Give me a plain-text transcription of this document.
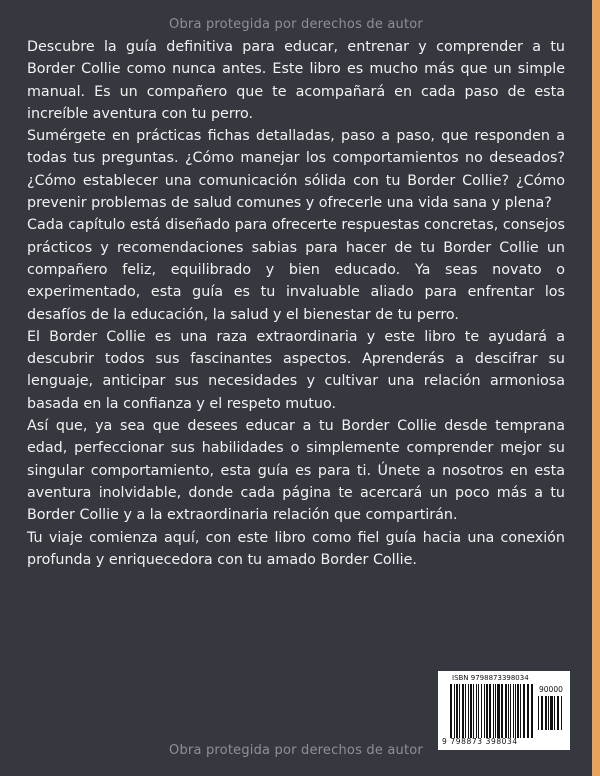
Obra protegida por derechos de autor

Descubre la guía definitiva para educar, entrenar y comprender a tu Border Collie como nunca antes. Este libro es mucho más que un simple manual. Es un compañero que te acompañará en cada paso de esta increíble aventura con tu perro.

Sumérgete en prácticas fichas detalladas, paso a paso, que responden a todas tus preguntas. ¿Cómo manejar los comportamientos no deseados? ¿Cómo establecer una comunicación sólida con tu Border Collie? ¿Cómo prevenir problemas de salud comunes y ofrecerle una vida sana y plena?

Cada capítulo está diseñado para ofrecerte respuestas concretas, consejos prácticos y recomendaciones sabias para hacer de tu Border Collie un compañero feliz, equilibrado y bien educado. Ya seas novato o experimentado, esta guía es tu invaluable aliado para enfrentar los desafíos de la educación, la salud y el bienestar de tu perro.

El Border Collie es una raza extraordinaria y este libro te ayudará a descubrir todos sus fascinantes aspectos. Aprenderás a descifrar su lenguaje, anticipar sus necesidades y cultivar una relación armoniosa basada en la confianza y el respeto mutuo.

Así que, ya sea que desees educar a tu Border Collie desde temprana edad, perfeccionar sus habilidades o simplemente comprender mejor su singular comportamiento, esta guía es para ti. Únete a nosotros en esta aventura inolvidable, donde cada página te acercará un poco más a tu Border Collie y a la extraordinaria relación que compartirán.

Tu viaje comienza aquí, con este libro como fiel guía hacia una conexión profunda y enriquecedora con tu amado Border Collie.

ISBN 9798873398034
90000
9 798873 398034
Obra protegida por derechos de autor
